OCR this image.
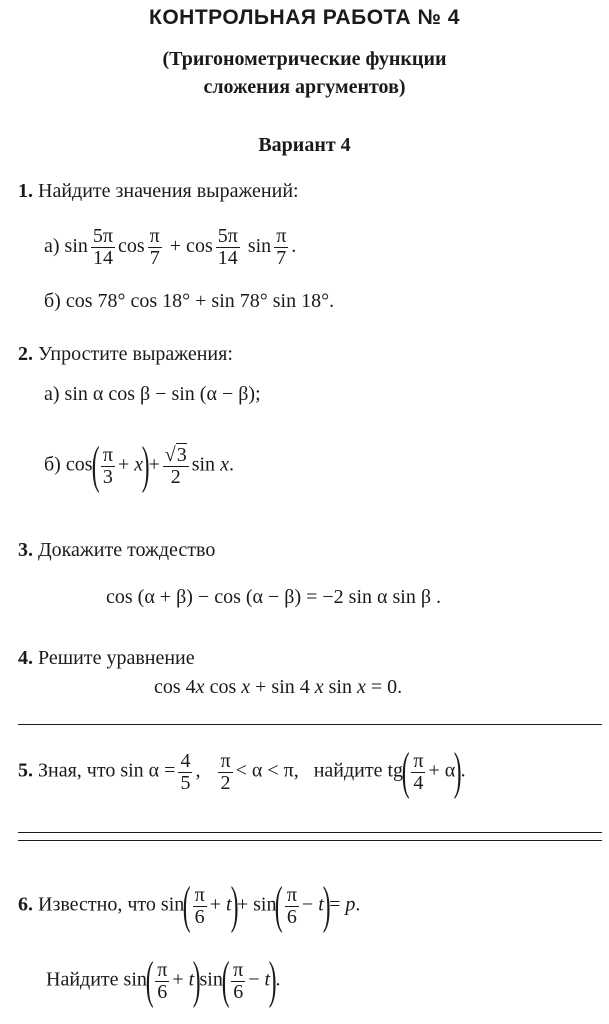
КОНТРОЛЬНАЯ РАБОТА № 4
(Тригонометрические функции
сложения аргументов)
Вариант 4
1. Найдите значения выражений:
а) $\sin \frac{5\pi}{14}$ $\cos \frac{\pi}{7} + \cos \frac{5\pi}{14}$ $\sin \frac{\pi}{7}$ .
б) cos 78° cos 18° + sin 78° sin 18°.
2. Упростите выражения:
а) sin α cos β − sin (α − β);
б) $\cos( \frac{\pi}{3} + x)+ \frac{√3}{2}$ sin x.
3. Докажите тождество
cos (α + β) − cos (α − β) = −2 sin α sin β .
4. Решите уравнение
cos 4x cos x + sin 4 x sin x = 0.
5. Зная, что $\sin \alpha = \frac{4}{5}$ , $\frac{\pi}{2} < \alpha < \pi$,   найдите $tg( \frac{\pi}{4} + \alpha)$.
6. Известно, что $\sin( \frac{\pi}{6} + t)+ \sin( \frac{\pi}{6} - t)= p$.
Найдите $\sin( \frac{\pi}{6} + t)\sin( \frac{\pi}{6} - t)$.
